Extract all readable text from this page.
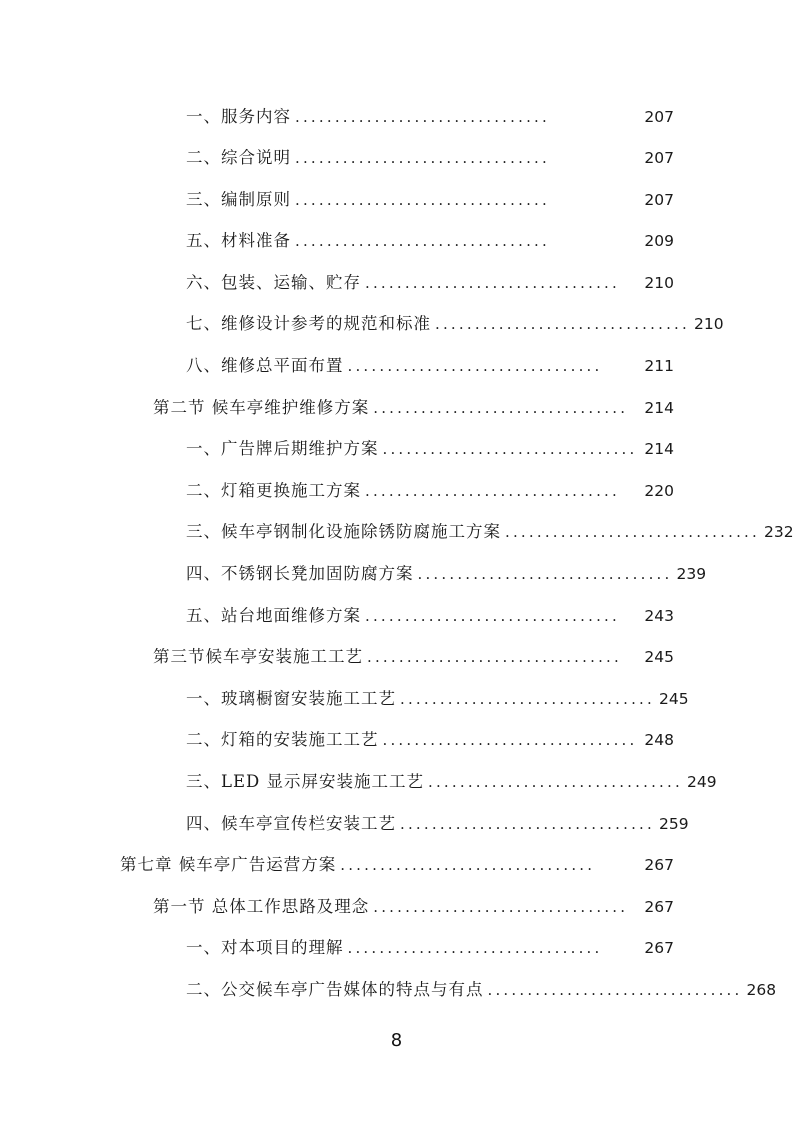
一、服务内容 ................................	207
二、综合说明 ................................	207
三、编制原则 ................................	207
五、材料准备 ................................	209
六、包装、运输、贮存 ................................	210
七、维修设计参考的规范和标准 ................................ 210
八、维修总平面布置 ................................	211
第二节 候车亭维护维修方案 ................................	214
一、广告牌后期维护方案 ................................ 214
二、灯箱更换施工方案 ................................	220
三、候车亭钢制化设施除锈防腐施工方案 ................................ 232
四、不锈钢长凳加固防腐方案 ................................ 239
五、站台地面维修方案 ................................	243
第三节候车亭安装施工工艺 ................................	245
一、玻璃橱窗安装施工工艺 ................................ 245
二、灯箱的安装施工工艺 ................................ 248
三、LED 显示屏安装施工工艺 ................................ 249
四、候车亭宣传栏安装工艺 ................................ 259
第七章 候车亭广告运营方案 ................................	267
第一节 总体工作思路及理念 ................................	267
一、对本项目的理解 ................................	267
二、公交候车亭广告媒体的特点与有点 ................................ 268
8
